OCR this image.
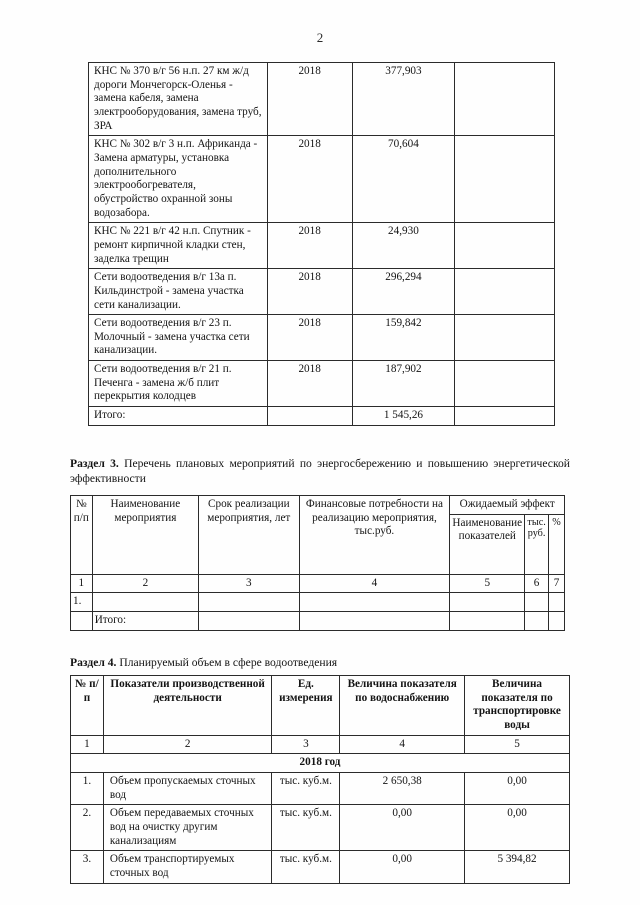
2
КНС № 370 в/г 56 н.п. 27 км ж/д дороги Мончегорск-Оленья - замена кабеля, замена электрооборудования, замена труб, ЗРА	2018	377,903	
КНС № 302 в/г 3 н.п. Африканда - Замена арматуры, установка дополнительного электрообогревателя, обустройство охранной зоны водозабора.	2018	70,604	
КНС № 221 в/г 42 н.п. Спутник - ремонт кирпичной кладки стен, заделка трещин	2018	24,930	
Сети водоотведения в/г 13а п. Кильдинстрой - замена участка сети канализации.	2018	296,294	
Сети водоотведения в/г 23 п. Молочный - замена участка сети канализации.	2018	159,842	
Сети водоотведения в/г 21 п. Печенга - замена ж/б плит перекрытия колодцев	2018	187,902	
Итого:		1 545,26	
Раздел 3. Перечень плановых мероприятий по энергосбережению и повышению энергетической эффективности
№ п/п	Наименование мероприятия	Срок реализации мероприятия, лет	Финансовые потребности на реализацию мероприятия, тыс.руб.	Ожидаемый эффект		
				Наименование показателей	тыс. руб.	%
1	2	3	4	5	6	7
1.						
	Итого:					
Раздел 4. Планируемый объем в сфере водоотведения
№ п/п	Показатели производственной деятельности	Ед. измерения	Величина показателя по водоснабжению	Величина показателя по транспортировке воды
1	2	3	4	5
2018 год				
1.	Объем пропускаемых сточных вод	тыс. куб.м.	2 650,38	0,00
2.	Объем передаваемых сточных вод на очистку другим канализациям	тыс. куб.м.	0,00	0,00
3.	Объем транспортируемых сточных вод	тыс. куб.м.	0,00	5 394,82
